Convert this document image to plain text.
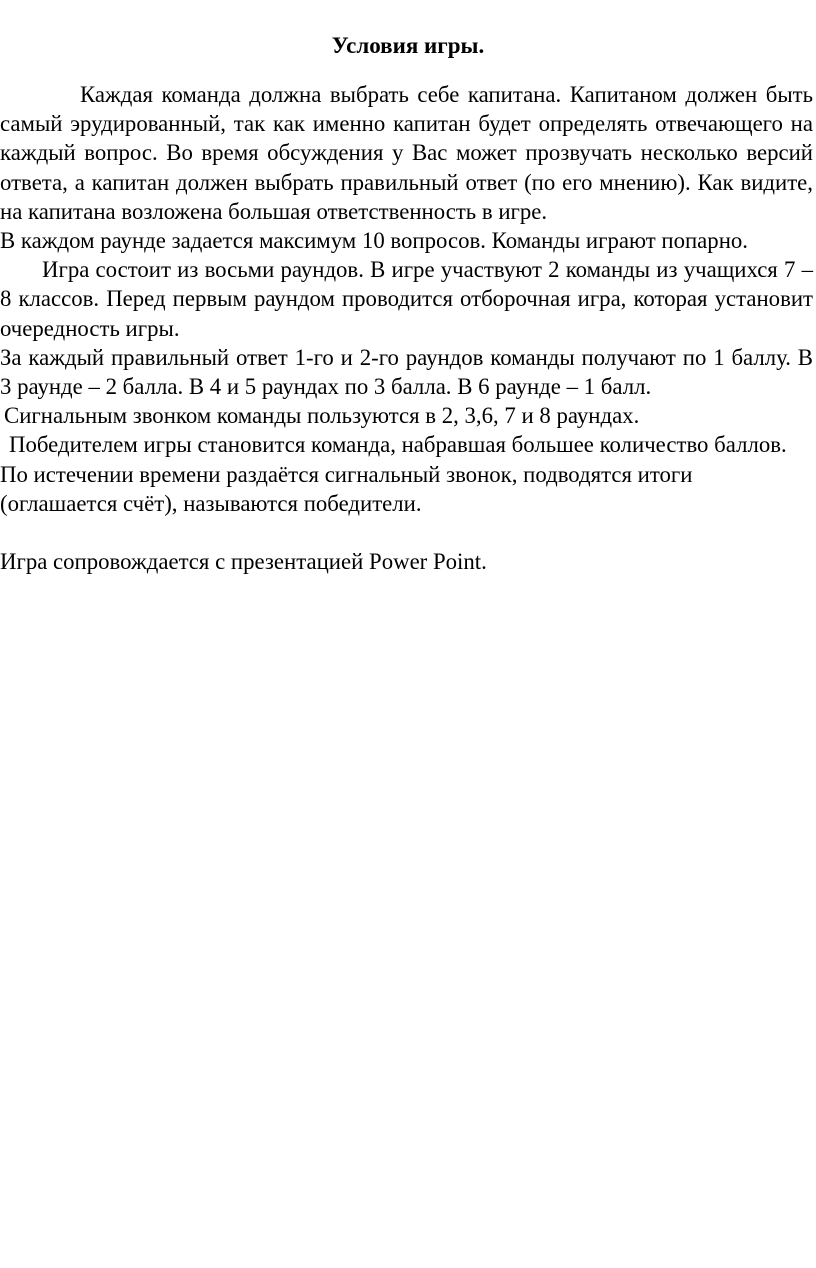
Условия игры.

Каждая команда должна выбрать себе капитана. Капитаном должен быть самый эрудированный, так как именно капитан будет определять отвечающего на каждый вопрос. Во время обсуждения у Вас может прозвучать несколько версий ответа, а капитан должен выбрать правильный ответ (по его мнению). Как видите, на капитана возложена большая ответственность в игре.

В каждом раунде задается максимум 10 вопросов. Команды играют попарно.

Игра состоит из восьми раундов. В игре участвуют 2 команды из учащихся 7 – 8 классов. Перед первым раундом проводится отборочная игра, которая установит очередность игры.

За каждый правильный ответ 1-го и 2-го раундов команды получают по 1 баллу. В 3 раунде – 2 балла. В 4 и 5 раундах по 3 балла. В 6 раунде – 1 балл.

Сигнальным звонком команды пользуются в 2, 3,6, 7 и 8 раундах.

Победителем игры становится команда, набравшая большее количество баллов.

По истечении времени раздаётся сигнальный звонок, подводятся итоги (оглашается счёт), называются победители.

Игра сопровождается с презентацией Power Point.
